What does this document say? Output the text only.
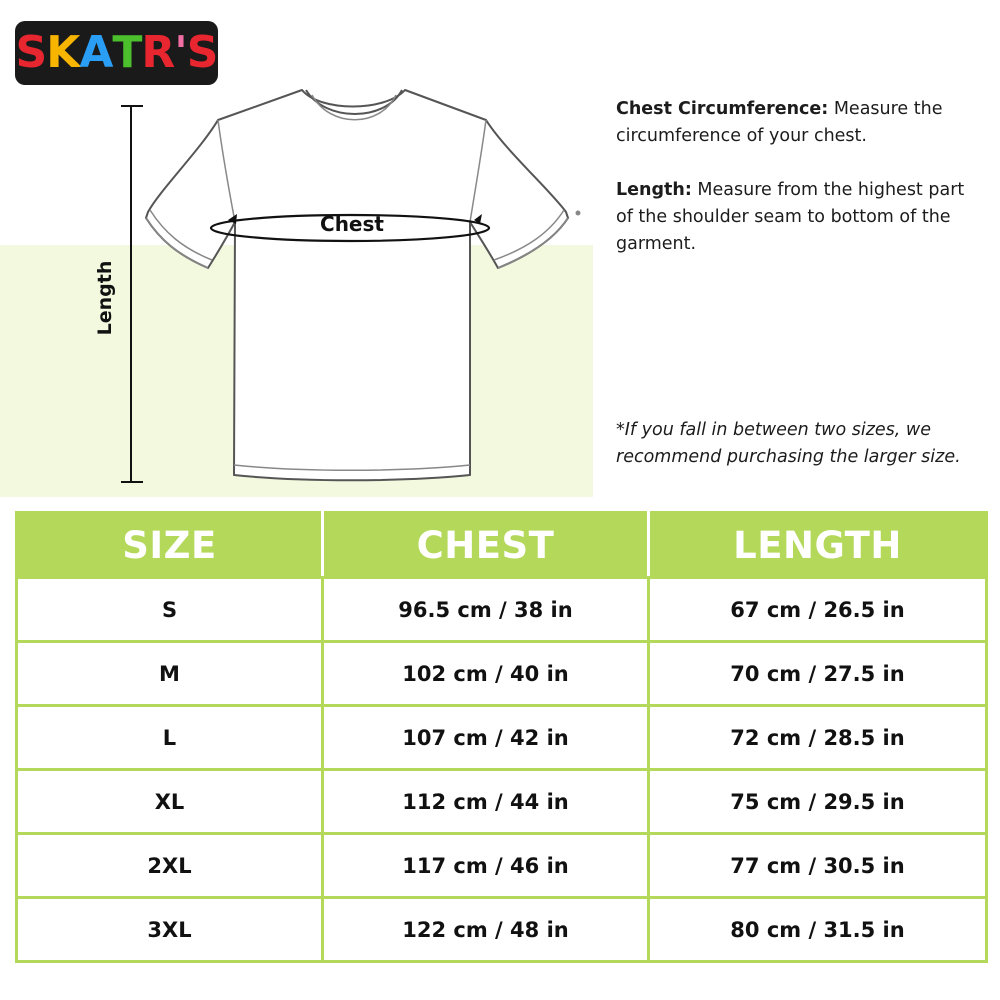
S K A T R ' S
Length
Chest
Chest Circumference: Measure the circumference of your chest.
Length: Measure from the highest part of the shoulder seam to bottom of the garment.
*If you fall in between two sizes, we recommend purchasing the larger size.
SIZE	CHEST	LENGTH
S	96.5 cm / 38 in	67 cm / 26.5 in
M	102 cm / 40 in	70 cm / 27.5 in
L	107 cm / 42 in	72 cm / 28.5 in
XL	112 cm / 44 in	75 cm / 29.5 in
2XL	117 cm / 46 in	77 cm / 30.5 in
3XL	122 cm / 48 in	80 cm / 31.5 in
